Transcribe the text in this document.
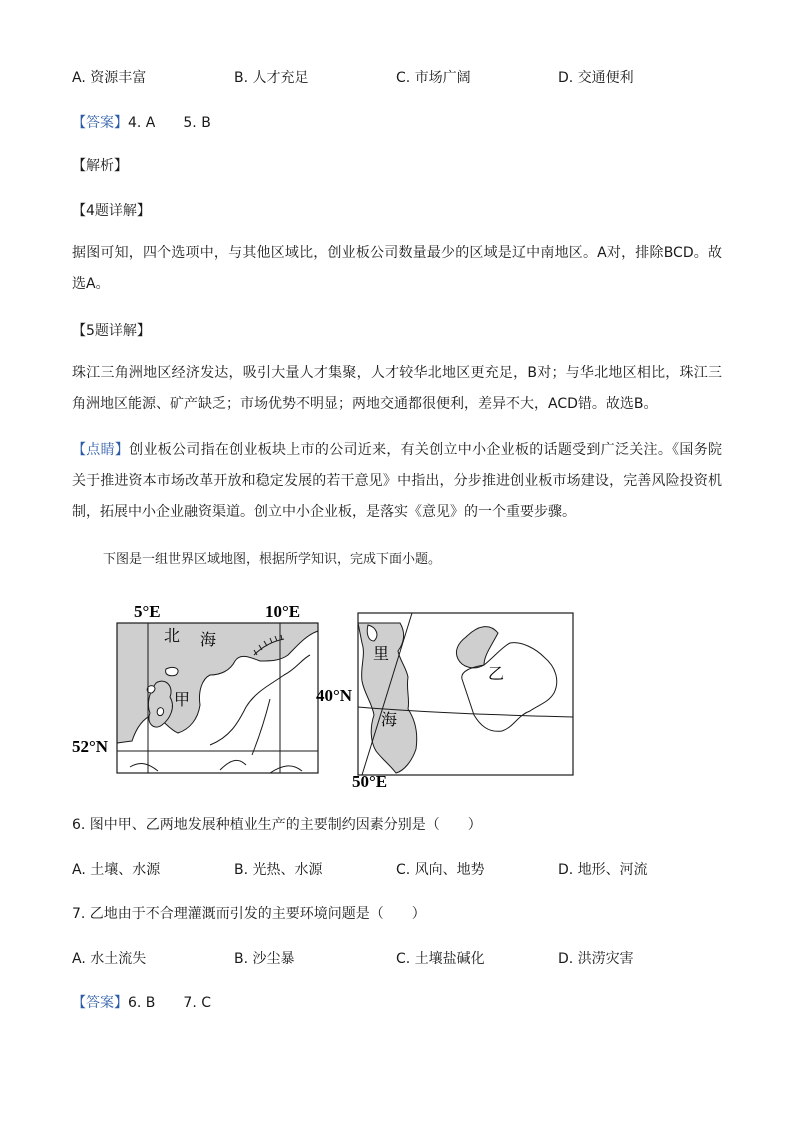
A. 资源丰富	B. 人才充足	C. 市场广阔	D. 交通便利
【答案】4. A　　5. B
【解析】
【4题详解】
据图可知，四个选项中，与其他区域比，创业板公司数量最少的区域是辽中南地区。A对，排除BCD。故选A。
【5题详解】
珠江三角洲地区经济发达，吸引大量人才集聚，人才较华北地区更充足，B对；与华北地区相比，珠江三角洲地区能源、矿产缺乏；市场优势不明显；两地交通都很便利，差异不大，ACD错。故选B。
【点睛】创业板公司指在创业板块上市的公司近来，有关创立中小企业板的话题受到广泛关注。《国务院关于推进资本市场改革开放和稳定发展的若干意见》中指出，分步推进创业板市场建设，完善风险投资机制，拓展中小企业融资渠道。创立中小企业板，是落实《意见》的一个重要步骤。
下图是一组世界区域地图，根据所学知识，完成下面小题。
5°E	10°E
52°N
北 海
甲	40°N
50°E
里
海
乙
6. 图中甲、乙两地发展种植业生产的主要制约因素分别是（　　）
A. 土壤、水源	B. 光热、水源	C. 风向、地势	D. 地形、河流
7. 乙地由于不合理灌溉而引发的主要环境问题是（　　）
A. 水土流失	B. 沙尘暴	C. 土壤盐碱化	D. 洪涝灾害
【答案】6. B　　7. C
